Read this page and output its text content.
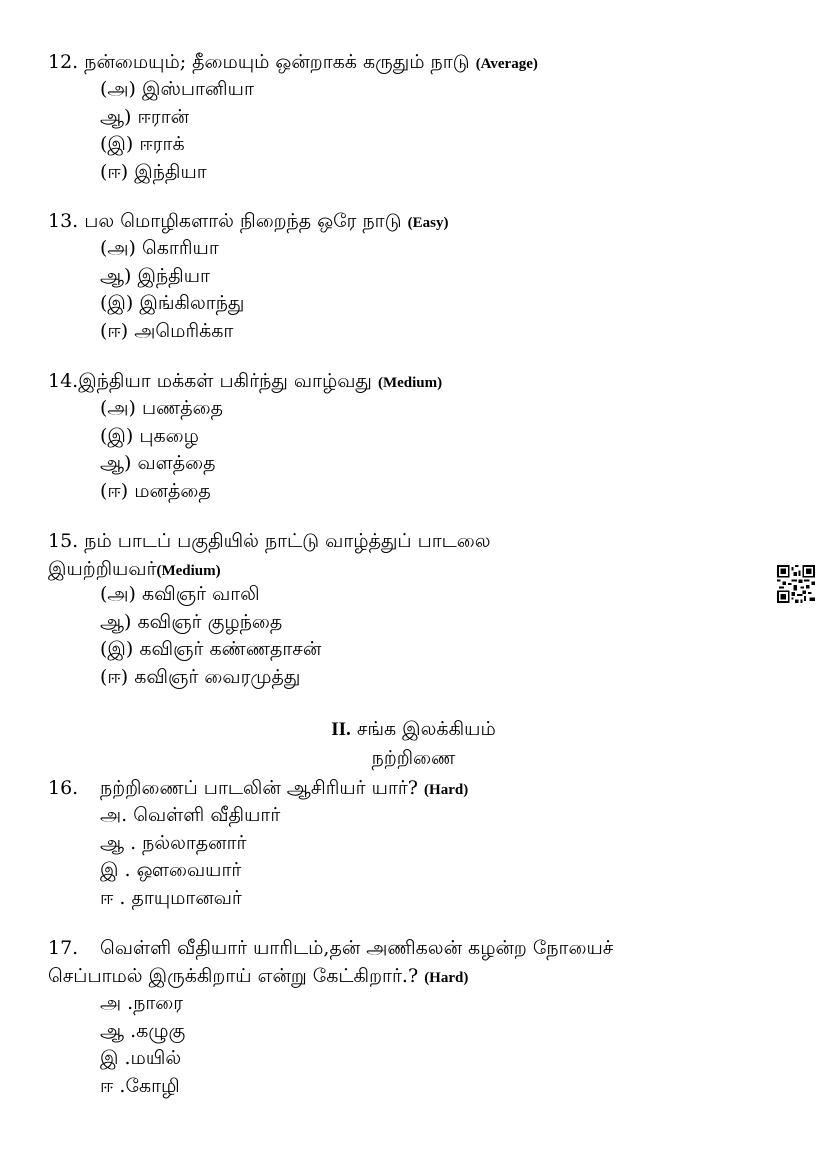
12. நன்மையும்; தீமையும் ஒன்றாகக் கருதும் நாடு (Average)
(அ) இஸ்பானியா
ஆ) ஈரான்
(இ) ஈராக்
(ஈ) இந்தியா
13. பல மொழிகளால் நிறைந்த ஒரே நாடு (Easy)
(அ) கொரியா
ஆ) இந்தியா
(இ) இங்கிலாந்து
(ஈ) அமெரிக்கா
14.இந்தியா மக்கள் பகிர்ந்து வாழ்வது (Medium)
(அ) பணத்தை
(இ) புகழை
ஆ) வளத்தை
(ஈ) மனத்தை
15. நம் பாடப் பகுதியில் நாட்டு வாழ்த்துப் பாடலை
இயற்றியவர்(Medium)
(அ) கவிஞர் வாலி
ஆ) கவிஞர் குழந்தை
(இ) கவிஞர் கண்ணதாசன்
(ஈ) கவிஞர் வைரமுத்து
II. சங்க இலக்கியம்
நற்றிணை
16. நற்றிணைப் பாடலின் ஆசிரியர் யார்? (Hard)
அ. வெள்ளி வீதியார்
ஆ . நல்லாதனார்
இ . ஔவையார்
ஈ . தாயுமானவர்
17. வெள்ளி வீதியார் யாரிடம்,தன் அணிகலன் கழன்ற நோயைச்
செப்பாமல் இருக்கிறாய் என்று கேட்கிறார்.? (Hard)
அ .நாரை
ஆ .கழுகு
இ .மயில்
ஈ .கோழி
